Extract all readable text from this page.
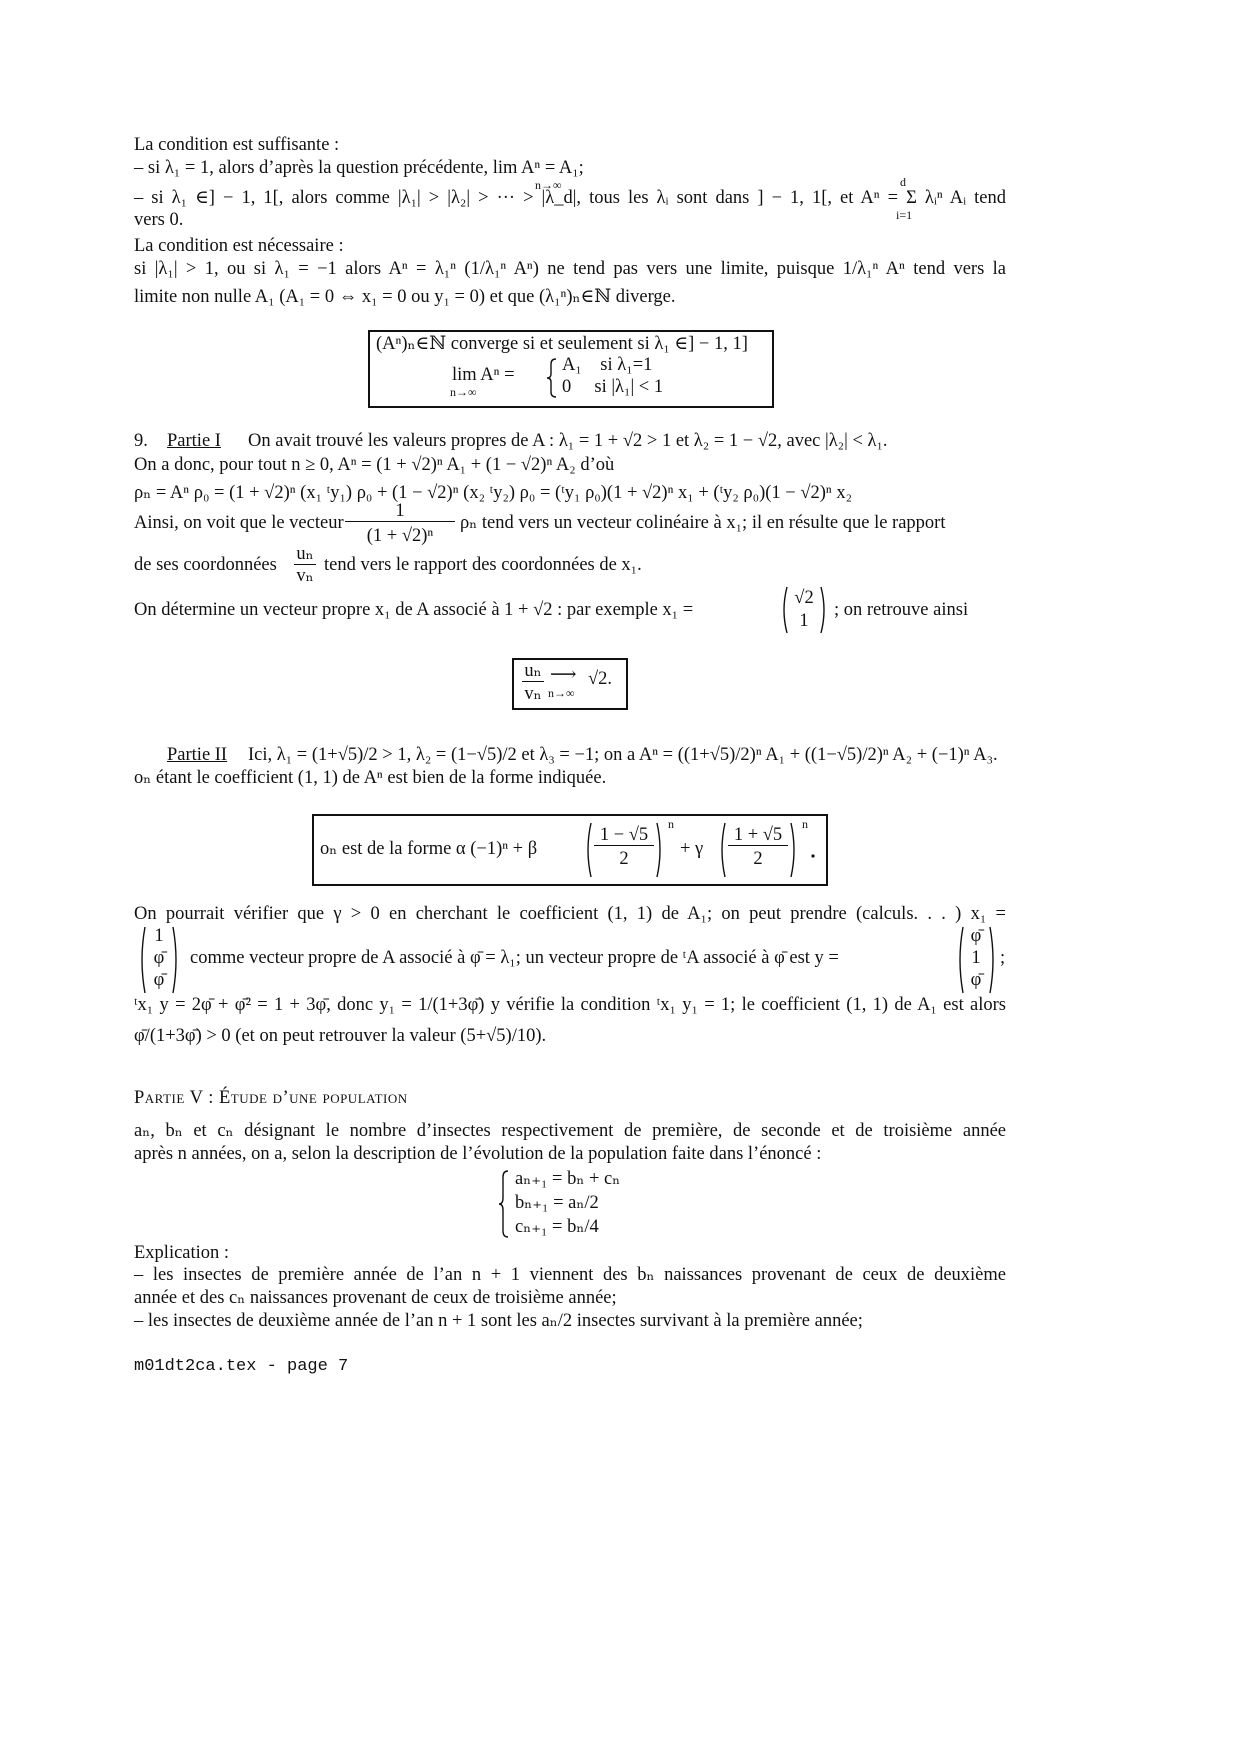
La condition est suffisante :
– si λ₁ = 1, alors d’après la question précédente, lim Aⁿ = A₁;
n→∞	d
– si λ₁ ∈] − 1, 1[, alors comme |λ₁| > |λ₂| > ··· > |λ_d|, tous les λᵢ sont dans ] − 1, 1[, et Aⁿ = Σ λᵢⁿ Aᵢ tend
i=1
vers 0.
La condition est nécessaire :
si |λ₁| > 1, ou si λ₁ = −1 alors Aⁿ = λ₁ⁿ (1/λ₁ⁿ Aⁿ) ne tend pas vers une limite, puisque 1/λ₁ⁿ Aⁿ tend vers la
limite non nulle A₁ (A₁ = 0 ⇔ x₁ = 0 ou y₁ = 0) et que (λ₁ⁿ)ₙ∈ℕ diverge.
(Aⁿ)ₙ∈ℕ converge si et seulement si λ₁ ∈] − 1, 1]
lim Aⁿ =
n→∞
A₁    si λ₁=1
0     si |λ₁| < 1
9. Partie I On avait trouvé les valeurs propres de A : λ₁ = 1 + √2 > 1 et λ₂ = 1 − √2, avec |λ₂| < λ₁.
On a donc, pour tout n ≥ 0, Aⁿ = (1 + √2)ⁿ A₁ + (1 − √2)ⁿ A₂ d’où
ρₙ = Aⁿ ρ₀ = (1 + √2)ⁿ (x₁ ᵗy₁) ρ₀ + (1 − √2)ⁿ (x₂ ᵗy₂) ρ₀ = (ᵗy₁ ρ₀)(1 + √2)ⁿ x₁ + (ᵗy₂ ρ₀)(1 − √2)ⁿ x₂
Ainsi, on voit que le vecteur
1
(1 + √2)ⁿ
ρₙ tend vers un vecteur colinéaire à x₁; il en résulte que le rapport
de ses coordonnées
uₙ
vₙ
tend vers le rapport des coordonnées de x₁.
On détermine un vecteur propre x₁ de A associé à 1 + √2 : par exemple x₁ =
√2
1
; on retrouve ainsi
uₙ
vₙ
⟶
n→∞
√2.
Partie II Ici, λ₁ = (1+√5)/2 > 1, λ₂ = (1−√5)/2 et λ₃ = −1; on a Aⁿ = ((1+√5)/2)ⁿ A₁ + ((1−√5)/2)ⁿ A₂ + (−1)ⁿ A₃.
oₙ étant le coefficient (1, 1) de Aⁿ est bien de la forme indiquée.
oₙ est de la forme α (−1)ⁿ + β
1 − √5
2
n
+ γ
1 + √5
2
n
On pourrait vérifier que γ > 0 en cherchant le coefficient (1, 1) de A₁; on peut prendre (calculs. . . ) x₁ =
1
φ̄
φ̄
comme vecteur propre de A associé à φ̄ = λ₁; un vecteur propre de ᵗA associé à φ̄ est y =
φ̄
1
φ̄
;
ᵗx₁ y = 2φ̄ + φ̄² = 1 + 3φ̄, donc y₁ = 1/(1+3φ̄) y vérifie la condition ᵗx₁ y₁ = 1; le coefficient (1, 1) de A₁ est alors
φ̄/(1+3φ̄) > 0 (et on peut retrouver la valeur (5+√5)/10).
Partie V : Étude d’une population
aₙ, bₙ et cₙ désignant le nombre d’insectes respectivement de première, de seconde et de troisième année
après n années, on a, selon la description de l’évolution de la population faite dans l’énoncé :
aₙ₊₁ = bₙ + cₙ
bₙ₊₁ = aₙ/2
cₙ₊₁ = bₙ/4
Explication :
– les insectes de première année de l’an n + 1 viennent des bₙ naissances provenant de ceux de deuxième
année et des cₙ naissances provenant de ceux de troisième année;
– les insectes de deuxième année de l’an n + 1 sont les aₙ/2 insectes survivant à la première année;
m01dt2ca.tex - page 7
